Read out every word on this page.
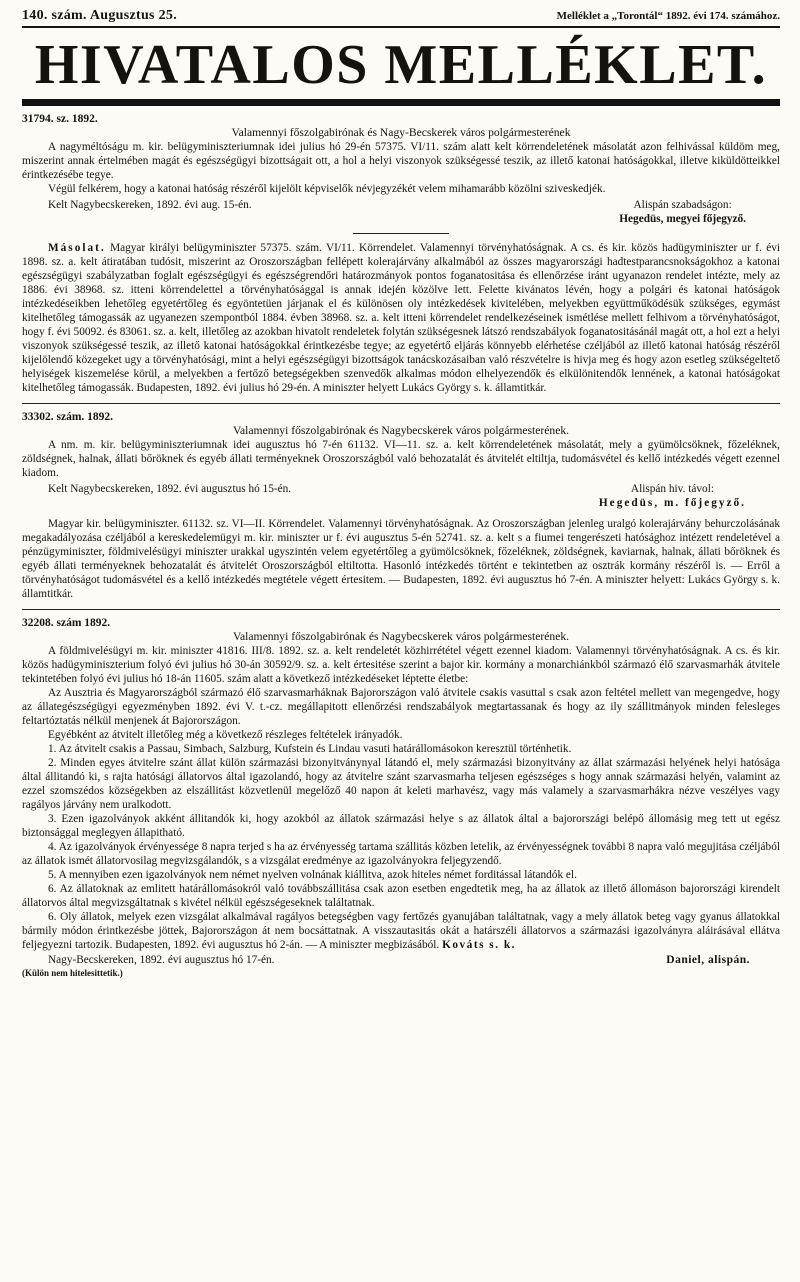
140. szám. Augusztus 25.	Melléklet a „Torontál“ 1892. évi 174. számához.
HIVATALOS MELLÉKLET.
31794. sz. 1892.
Valamennyi főszolgabirónak és Nagy-Becskerek város polgármesterének

A nagyméltóságu m. kir. belügyminiszteriumnak idei julius hó 29-én 57375. VI/11. szám alatt kelt körrendeletének másolatát azon felhivással küldöm meg, miszerint annak értelmében magát és egészségügyi bizottságait ott, a hol a helyi viszonyok szükségessé teszik, az illető katonai hatóságokkal, illetve kiküldötteikkel érintkezésébe tegye.

Végül felkérem, hogy a katonai hatóság részéről kijelölt képviselők névjegyzékét velem mihamarább közölni sziveskedjék.

Kelt Nagybecskereken, 1892. évi aug. 15-én.	Alispán szabadságon:
Hegedüs, megyei főjegyző.

Másolat. Magyar királyi belügyminiszter 57375. szám. VI/11. Körrendelet. Valamennyi törvényhatóságnak. A cs. és kir. közös hadügyminiszter ur f. évi 1898. sz. a. kelt átiratában tudósit, miszerint az Oroszországban fellépett kolerajárvány alkalmából az összes magyarországi hadtestparancsnokságokhoz a katonai egészségügyi szabályzatban foglalt egészségügyi és egészségrendőri határozmányok pontos foganatositása és ellenőrzése iránt ugyanazon rendelet intézte, mely az 1886. évi 38968. sz. itteni körrendelettel a törvényhatósággal is annak idején közölve lett. Felette kivánatos lévén, hogy a polgári és katonai hatóságok intézkedéseikben lehetőleg egyetértőleg és egyöntetüen járjanak el és különösen oly intézkedések kivitelében, melyekben együttműködésük szükséges, egymást kitelhetőleg támogassák az ugyanezen szempontból 1884. évben 38968. sz. a. kelt itteni körrendelet rendelkezéseinek ismétlése mellett felhivom a törvényhatóságot, hogy f. évi 50092. és 83061. sz. a. kelt, illetőleg az azokban hivatolt rendeletek folytán szükségesnek látszó rendszabályok foganatositásánál magát ott, a hol ezt a helyi viszonyok szükségessé teszik, az illető katonai hatóságokkal érintkezésbe tegye; az egyetértő eljárás könnyebb elérhetése czéljából az illető katonai hatóság részéről kijelölendő közegeket ugy a törvényhatósági, mint a helyi egészségügyi bizottságok tanácskozásaiban való részvételre is hivja meg és hogy azon esetleg szükségeltető helyiségek kiszemelése körül, a melyekben a fertőző betegségekben szenvedők alkalmas módon elhelyezendők és elkülönitendők lennének, a katonai hatóságokat kitelhetőleg támogassák. Budapesten, 1892. évi julius hó 29-én. A miniszter helyett Lukács György s. k. államtitkár.

33302. szám. 1892.
Valamennyi főszolgabirónak és Nagybecskerek város polgármesterének.

A nm. m. kir. belügyminiszteriumnak idei augusztus hó 7-én 61132. VI—11. sz. a. kelt körrendeletének másolatát, mely a gyümölcsöknek, főzeléknek, zöldségnek, halnak, állati bőröknek és egyéb állati terményeknek Oroszországból való behozatalát és átvitelét eltiltja, tudomásvétel és kellő intézkedés végett ezennel kiadom.

Kelt Nagybecskereken, 1892. évi augusztus hó 15-én.	Alispán hiv. távol:
Hegedüs, m. főjegyző.

Magyar kir. belügyminiszter. 61132. sz. VI—II. Körrendelet. Valamennyi törvényhatóságnak. Az Oroszországban jelenleg uralgó kolerajárvány behurczolásának megakadályozása czéljából a kereskedelemügyi m. kir. miniszter ur f. évi augusztus 5-én 52741. sz. a. kelt s a fiumei tengerészeti hatósághoz intézett rendeletével a pénzügyminiszter, földmivelésügyi miniszter urakkal ugyszintén velem egyetértőleg a gyümölcsöknek, főzeléknek, zöldségnek, kaviarnak, halnak, állati bőröknek és egyéb állati terményeknek behozatalát és átvitelét Oroszországból eltiltotta. Hasonló intézkedés történt e tekintetben az osztrák kormány részéről is. — Erről a törvényhatóságot tudomásvétel és a kellő intézkedés megtétele végett értesitem. — Budapesten, 1892. évi augusztus hó 7-én. A miniszter helyett: Lukács György s. k. államtitkár.

32208. szám 1892.
Valamennyi főszolgabirónak és Nagybecskerek város polgármesterének.

A földmivelésügyi m. kir. miniszter 41816. III/8. 1892. sz. a. kelt rendeletét közhirrététel végett ezennel kiadom. Valamennyi törvényhatóságnak. A cs. és kir. közös hadügyminiszterium folyó évi julius hó 30-án 30592/9. sz. a. kelt értesitése szerint a bajor kir. kormány a monarchiánkból származó élő szarvasmarhák átvitele tekintetében folyó évi julius hó 18-án 11605. szám alatt a következő intézkedéseket léptette életbe:

Az Ausztria és Magyarországból származó élő szarvasmarháknak Bajorországon való átvitele csakis vasuttal s csak azon feltétel mellett van megengedve, hogy az állategészségügyi egyezményben 1892. évi V. t.-cz. megállapitott ellenőrzési rendszabályok megtartassanak és hogy az ily szállitmányok minden felesleges feltartóztatás nélkül menjenek át Bajorországon.

Egyébként az átvitelt illetőleg még a következő részleges feltételek irányadók.

1. Az átvitelt csakis a Passau, Simbach, Salzburg, Kufstein és Lindau vasuti határállomásokon keresztül történhetik.

2. Minden egyes átvitelre szánt állat külön származási bizonyitványnyal látandó el, mely származási bizonyitvány az állat származási helyének helyi hatósága által állitandó ki, s rajta hatósági állatorvos által igazolandó, hogy az átvitelre szánt szarvasmarha teljesen egészséges s hogy annak származási helyén, valamint az ezzel szomszédos községekben az elszállitást közvetlenül megelőző 40 napon át keleti marhavész, vagy más valamely a szarvasmarhákra nézve veszélyes vagy ragályos járvány nem uralkodott.

3. Ezen igazolványok akként állitandók ki, hogy azokból az állatok származási helye s az állatok által a bajorországi belépő állomásig meg tett ut egész biztonsággal meglegyen állapitható.

4. Az igazolványok érvényessége 8 napra terjed s ha az érvényesség tartama szállitás közben letelik, az érvényességnek további 8 napra való megujitása czéljából az állatok ismét állatorvosilag megvizsgálandók, s a vizsgálat eredménye az igazolványokra feljegyzendő.

5. A mennyiben ezen igazolványok nem német nyelven volnának kiállitva, azok hiteles német forditással látandók el.

6. Az állatoknak az emlitett határállomásokról való továbbszállitása csak azon esetben engedtetik meg, ha az állatok az illető állomáson bajorországi kirendelt állatorvos által megvizsgáltatnak s kivétel nélkül egészségeseknek találtatnak.

6. Oly állatok, melyek ezen vizsgálat alkalmával ragályos betegségben vagy fertőzés gyanujában találtatnak, vagy a mely állatok beteg vagy gyanus állatokkal bármily módon érintkezésbe jöttek, Bajorországon át nem bocsáttatnak. A visszautasitás okát a határszéli állatorvos a származási igazolványra aláirásával ellátva feljegyezni tartozik. Budapesten, 1892. évi augusztus hó 2-án. — A miniszter megbizásából. Kováts s. k.

Nagy-Becskereken, 1892. évi augusztus hó 17-én.	Daniel, alispán.

(Külön nem hitelesittetik.)
